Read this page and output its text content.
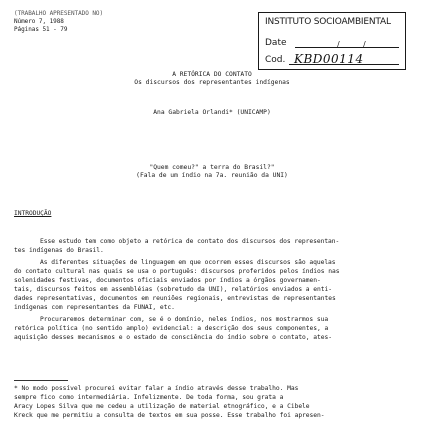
(TRABALHO APRESENTADO NO)
Número 7, 1988
Páginas 51 - 79
INSTITUTO SOCIOAMBIENTAL
Date	/	/
Cod. KBD00114
A RETÓRICA DO CONTATO
Os discursos dos representantes indígenas
Ana Gabriela Orlandi* (UNICAMP)
"Quem comeu?" a terra do Brasil?"
(Fala de um índio na 7a. reunião da UNI)
INTRODUÇÃO
Esse estudo tem como objeto a retórica de contato dos discursos dos representan-
tes indígenas do Brasil.
As diferentes situações de linguagem em que ocorrem esses discursos são aquelas
do contato cultural nas quais se usa o português: discursos proferidos pelos índios nas
solenidades festivas, documentos oficiais enviados por índios a órgãos governamen-
tais, discursos feitos em assembléias (sobretudo da UNI), relatórios enviados a enti-
dades representativas, documentos em reuniões regionais, entrevistas de representantes
indígenas com representantes da FUNAI, etc.
Procuraremos determinar com, se é o domínio, neles índios, nos mostrarmos sua
retórica política (no sentido amplo) evidencial: a descrição dos seus componentes, a
aquisição desses mecanismos e o estado de consciência do índio sobre o contato, ates-
* No modo possível procurei evitar falar a índio através desse trabalho. Mas
sempre fico como intermediária. Infelizmente. De toda forma, sou grata a
Aracy Lopes Silva que me cedeu a utilização de material etnográfico, e a Cibele
Kreck que me permitiu a consulta de textos em sua posse. Esse trabalho foi apresen-
